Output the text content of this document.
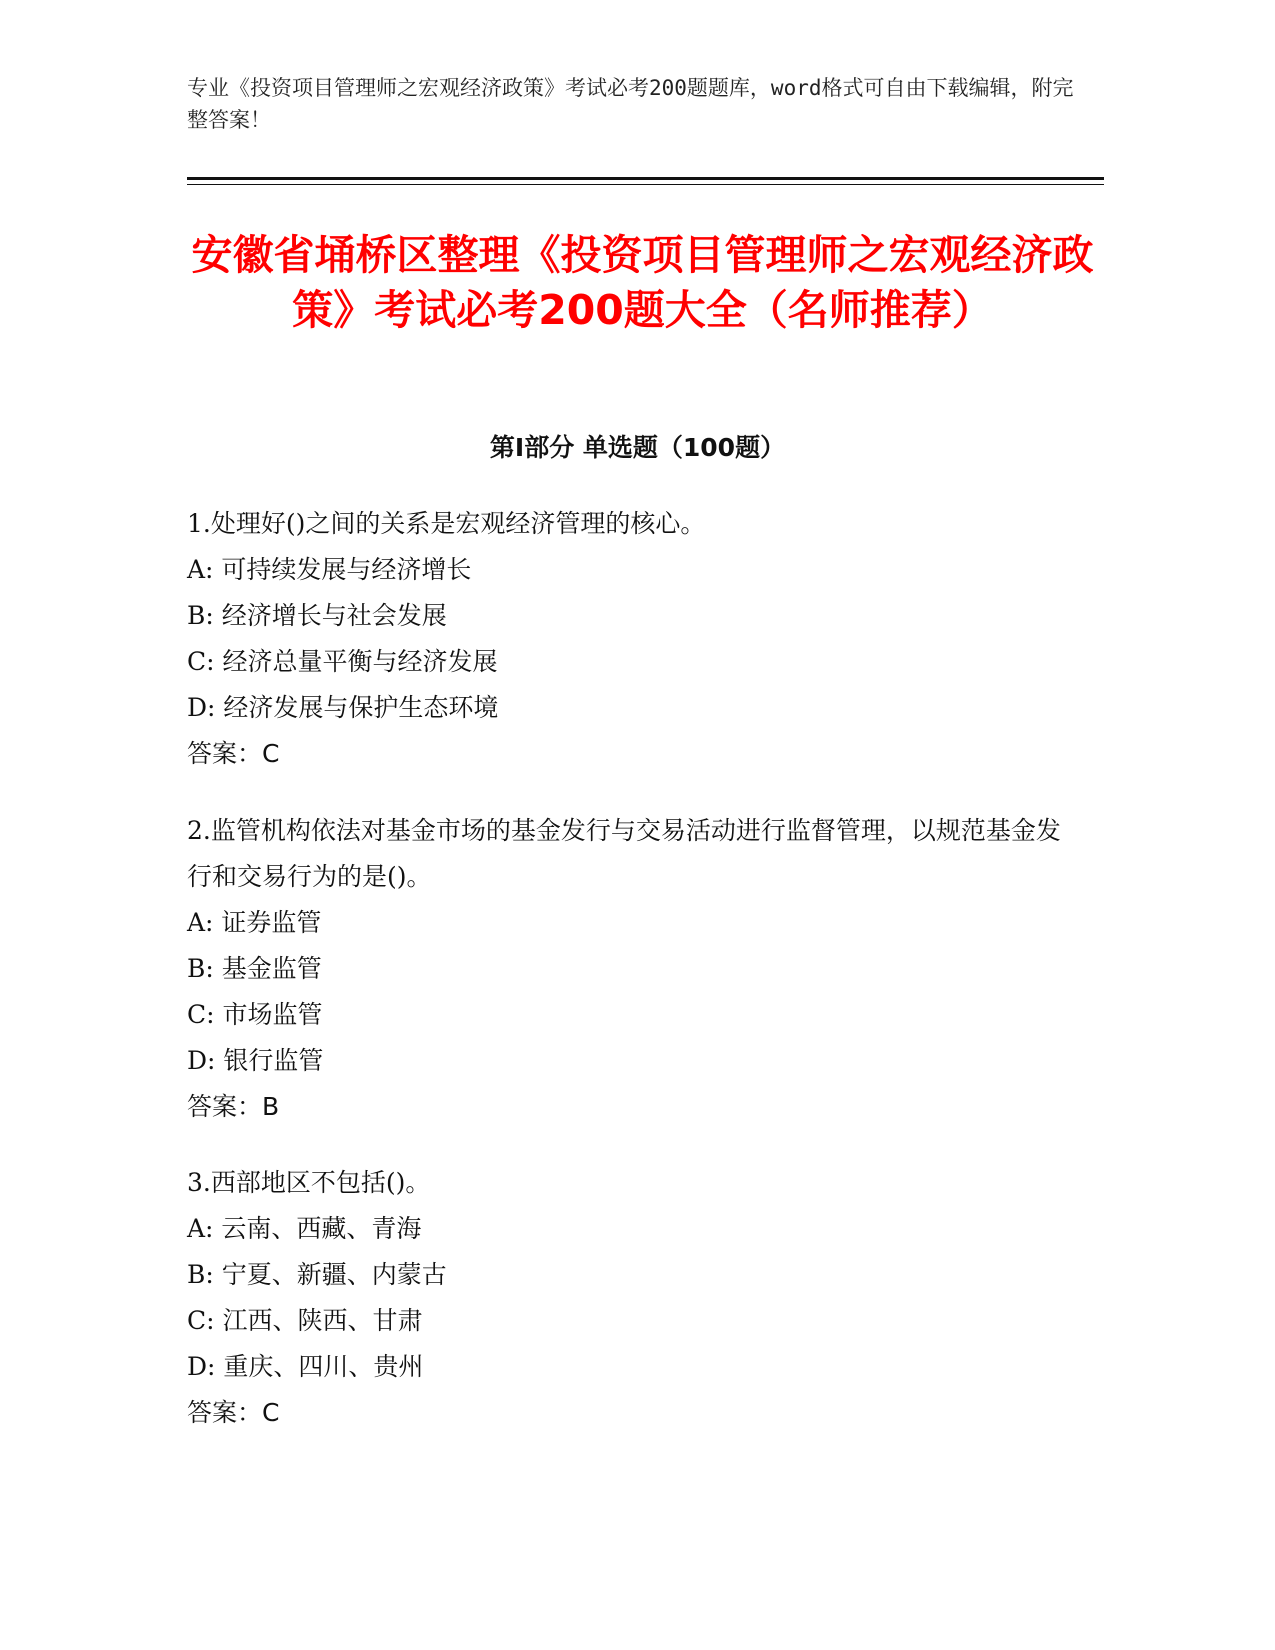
专业《投资项目管理师之宏观经济政策》考试必考200题题库，word格式可自由下载编辑，附完整答案！
安徽省埇桥区整理《投资项目管理师之宏观经济政策》考试必考200题大全（名师推荐）
第Ⅰ部分 单选题（100题）

1.处理好()之间的关系是宏观经济管理的核心。

A: 可持续发展与经济增长

B: 经济增长与社会发展

C: 经济总量平衡与经济发展

D: 经济发展与保护生态环境

答案：C

2.监管机构依法对基金市场的基金发行与交易活动进行监督管理，以规范基金发行和交易行为的是()。

A: 证券监管

B: 基金监管

C: 市场监管

D: 银行监管

答案：B

3.西部地区不包括()。

A: 云南、西藏、青海

B: 宁夏、新疆、内蒙古

C: 江西、陕西、甘肃

D: 重庆、四川、贵州

答案：C
